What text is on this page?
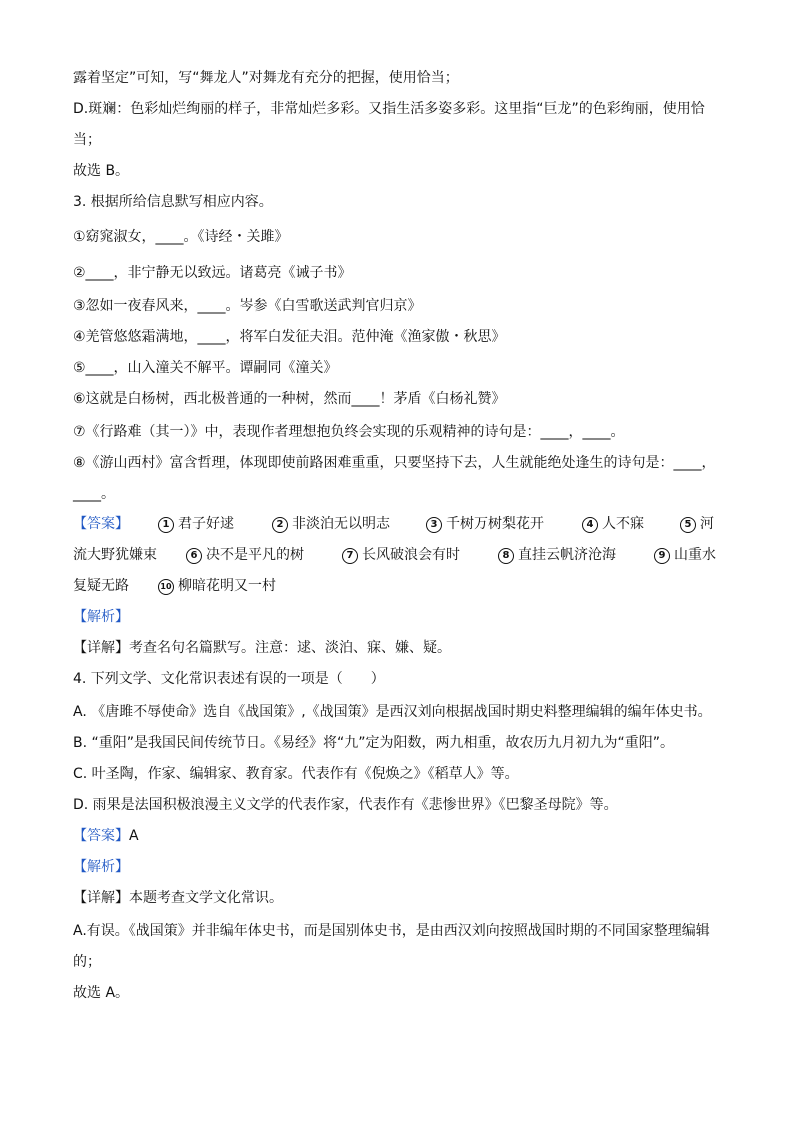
露着坚定”可知，写“舞龙人”对舞龙有充分的把握，使用恰当；
D.斑斓：色彩灿烂绚丽的样子，非常灿烂多彩。又指生活多姿多彩。这里指“巨龙”的色彩绚丽，使用恰
当；
故选 B。
3. 根据所给信息默写相应内容。
①窈窕淑女，____。《诗经・关雎》
②____，非宁静无以致远。诸葛亮《诫子书》
③忽如一夜春风来，____。岑参《白雪歌送武判官归京》
④羌管悠悠霜满地，____，将军白发征夫泪。范仲淹《渔家傲・秋思》
⑤____，山入潼关不解平。谭嗣同《潼关》
⑥这就是白杨树，西北极普通的一种树，然而____！茅盾《白杨礼赞》
⑦《行路难（其一）》中，表现作者理想抱负终会实现的乐观精神的诗句是：____，____。
⑧《游山西村》富含哲理，体现即使前路困难重重，只要坚持下去，人生就能绝处逢生的诗句是：____，
____。
【答案】	1 君子好逑	2 非淡泊无以明志	3 千树万树梨花开	4 人不寐	5 河
流大野犹嫌束	6 决不是平凡的树	7 长风破浪会有时	8 直挂云帆济沧海	9 山重水
复疑无路	10 柳暗花明又一村
【解析】
【详解】考查名句名篇默写。注意：逑、淡泊、寐、嫌、疑。
4. 下列文学、文化常识表述有误的一项是（　　）
A. 《唐雎不辱使命》选自《战国策》,《战国策》是西汉刘向根据战国时期史料整理编辑的编年体史书。
B. “重阳”是我国民间传统节日。《易经》将“九”定为阳数，两九相重，故农历九月初九为“重阳”。
C. 叶圣陶，作家、编辑家、教育家。代表作有《倪焕之》《稻草人》等。
D. 雨果是法国积极浪漫主义文学的代表作家，代表作有《悲惨世界》《巴黎圣母院》等。
【答案】A
【解析】
【详解】本题考查文学文化常识。
A.有误。《战国策》并非编年体史书，而是国别体史书，是由西汉刘向按照战国时期的不同国家整理编辑
的；
故选 A。
